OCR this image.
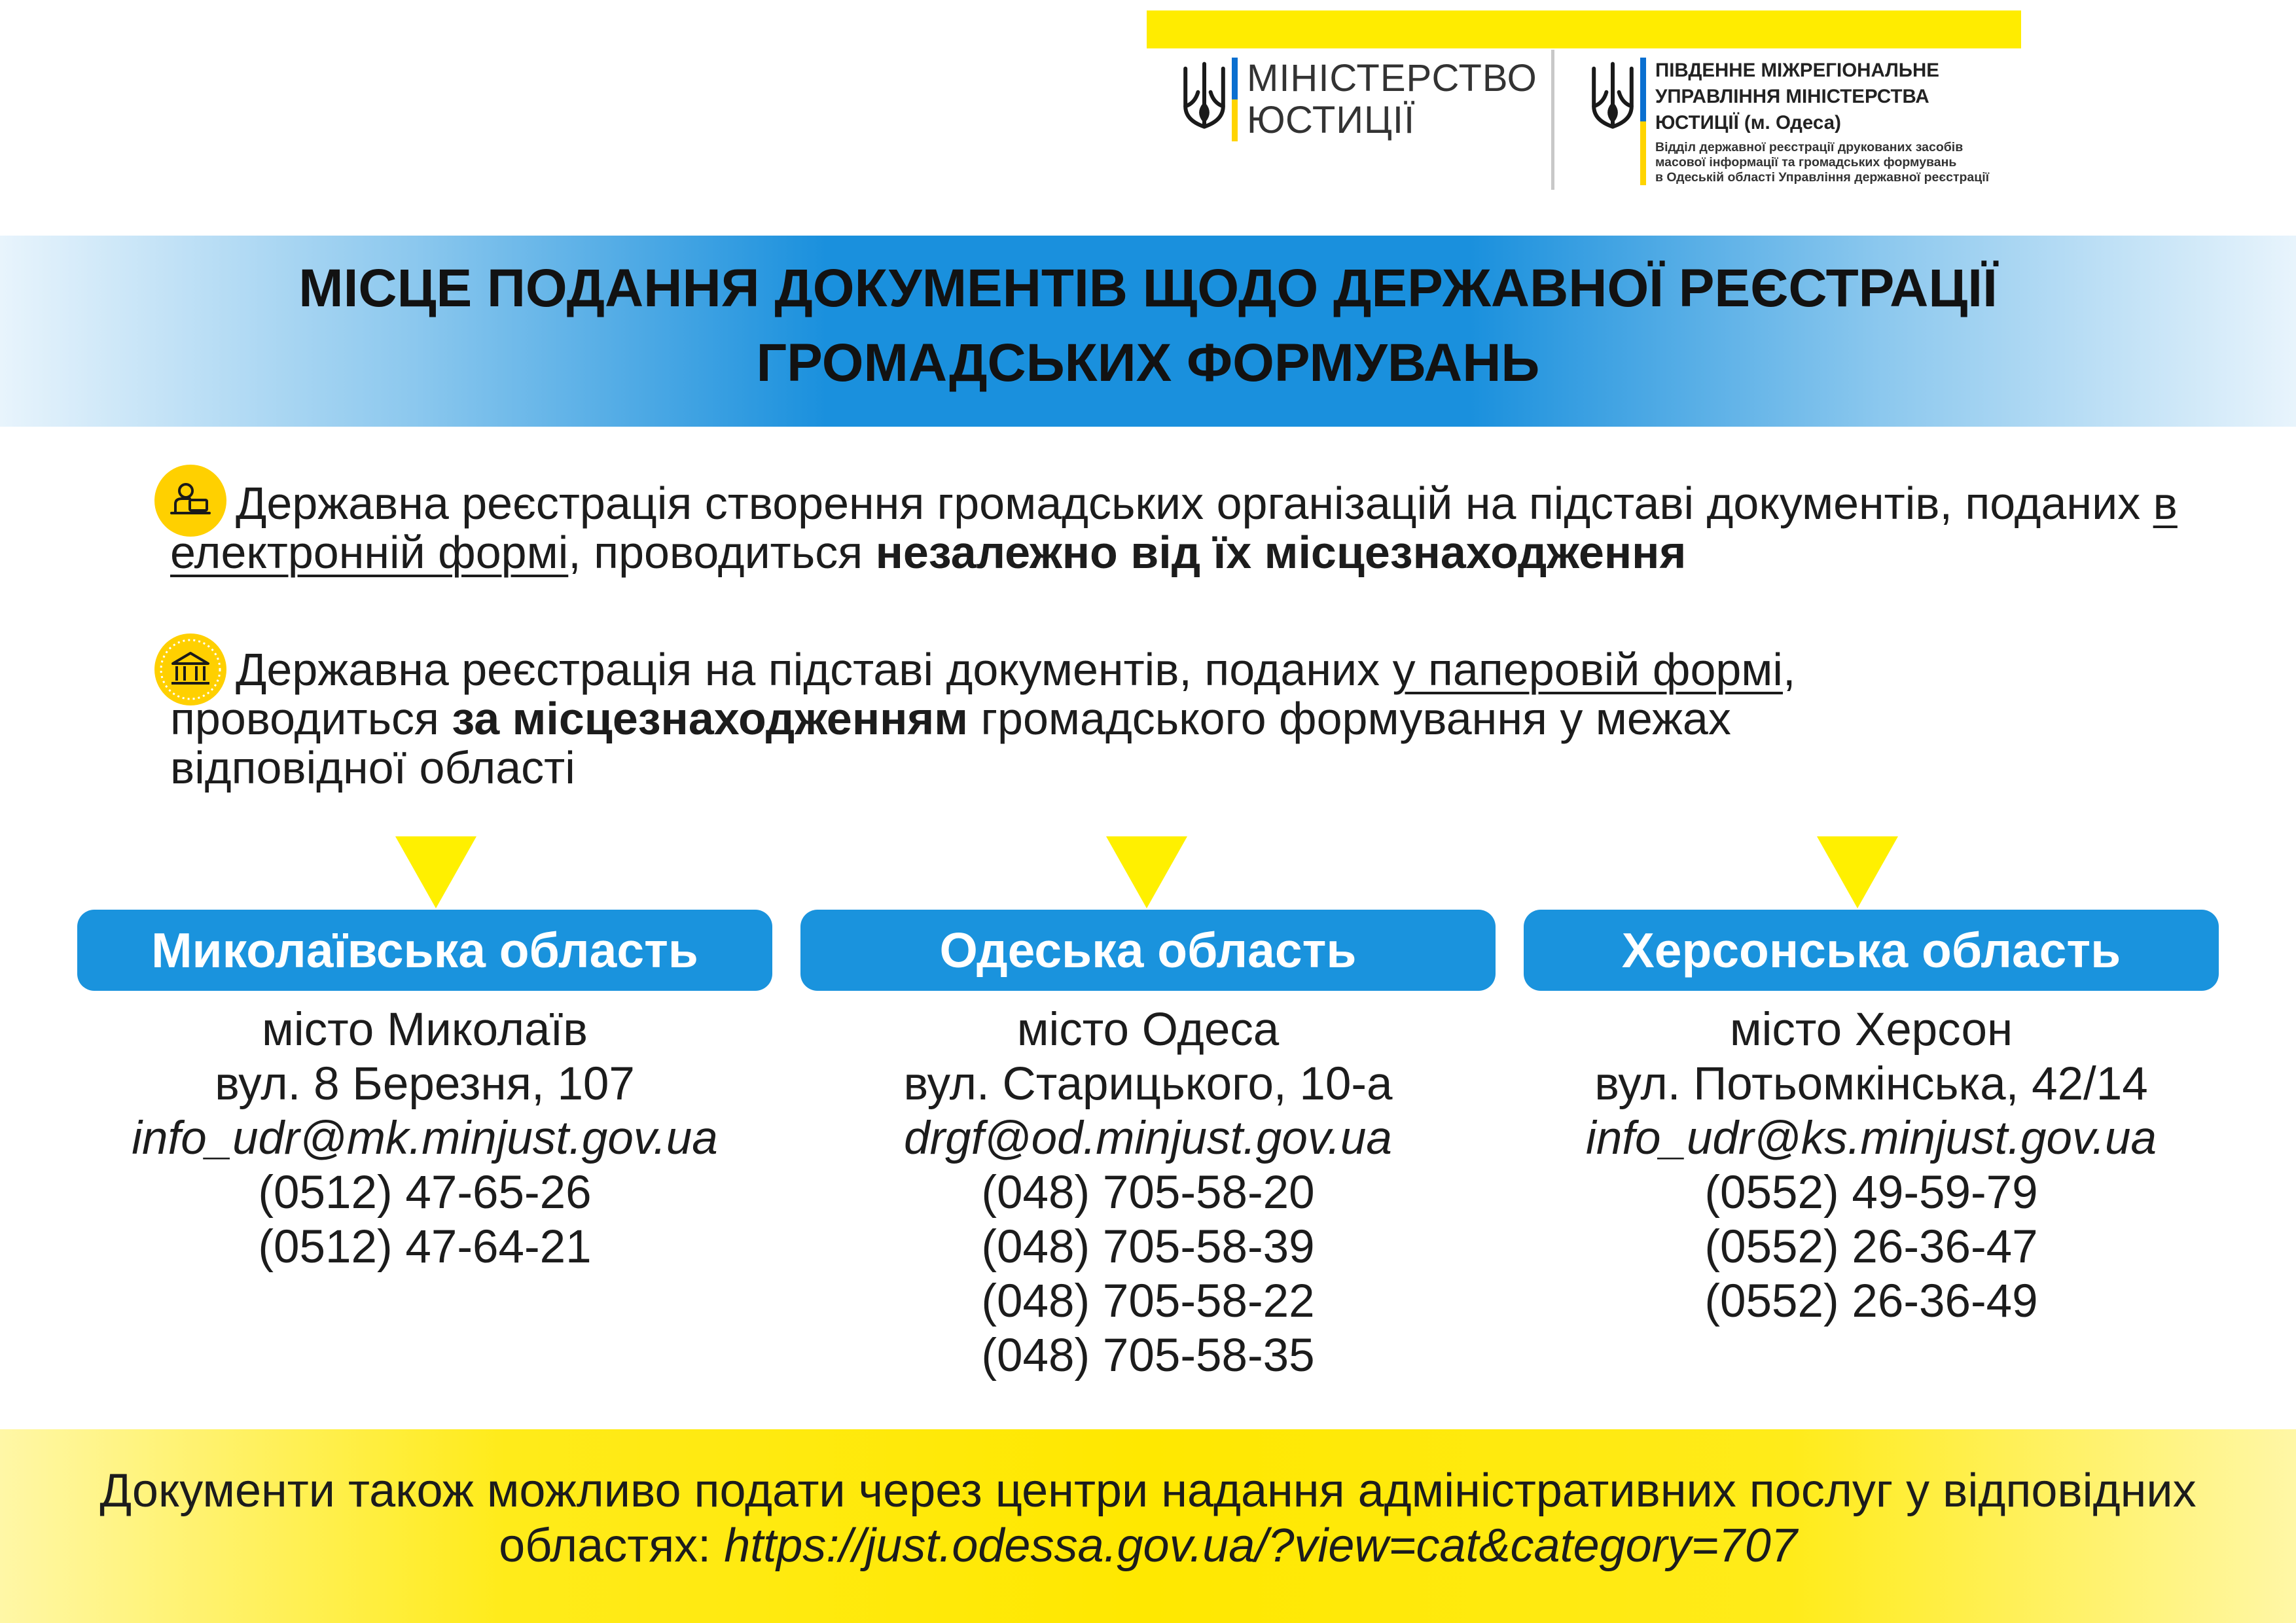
МІНІСТЕРСТВО
ЮСТИЦІЇ
ПІВДЕННЕ МІЖРЕГІОНАЛЬНЕ
УПРАВЛІННЯ МІНІСТЕРСТВА
ЮСТИЦІЇ (м. Одеса)
Відділ державної реєстрації друкованих засобів
масової інформації та громадських формувань
в Одеській області Управління державної реєстрації
МІСЦЕ ПОДАННЯ ДОКУМЕНТІВ ЩОДО ДЕРЖАВНОЇ РЕЄСТРАЦІЇ
ГРОМАДСЬКИХ ФОРМУВАНЬ
Державна реєстрація створення громадських організацій на підставі документів, поданих в електронній формі, проводиться незалежно від їх місцезнаходження
Державна реєстрація на підставі документів, поданих у паперовій формі, проводиться за місцезнаходженням громадського формування у межах відповідної області
Миколаївська область
місто Миколаїв
вул. 8 Березня, 107
info_udr@mk.minjust.gov.ua
(0512) 47-65-26
(0512) 47-64-21
Одеська область
місто Одеса
вул. Старицького, 10-а
drgf@od.minjust.gov.ua
(048) 705-58-20
(048) 705-58-39
(048) 705-58-22
(048) 705-58-35
Херсонська область
місто Херсон
вул. Потьомкінська, 42/14
info_udr@ks.minjust.gov.ua
(0552) 49-59-79
(0552) 26-36-47
(0552) 26-36-49
Документи також можливо подати через центри надання адміністративних послуг у відповідних областях: https://just.odessa.gov.ua/?view=cat&category=707
